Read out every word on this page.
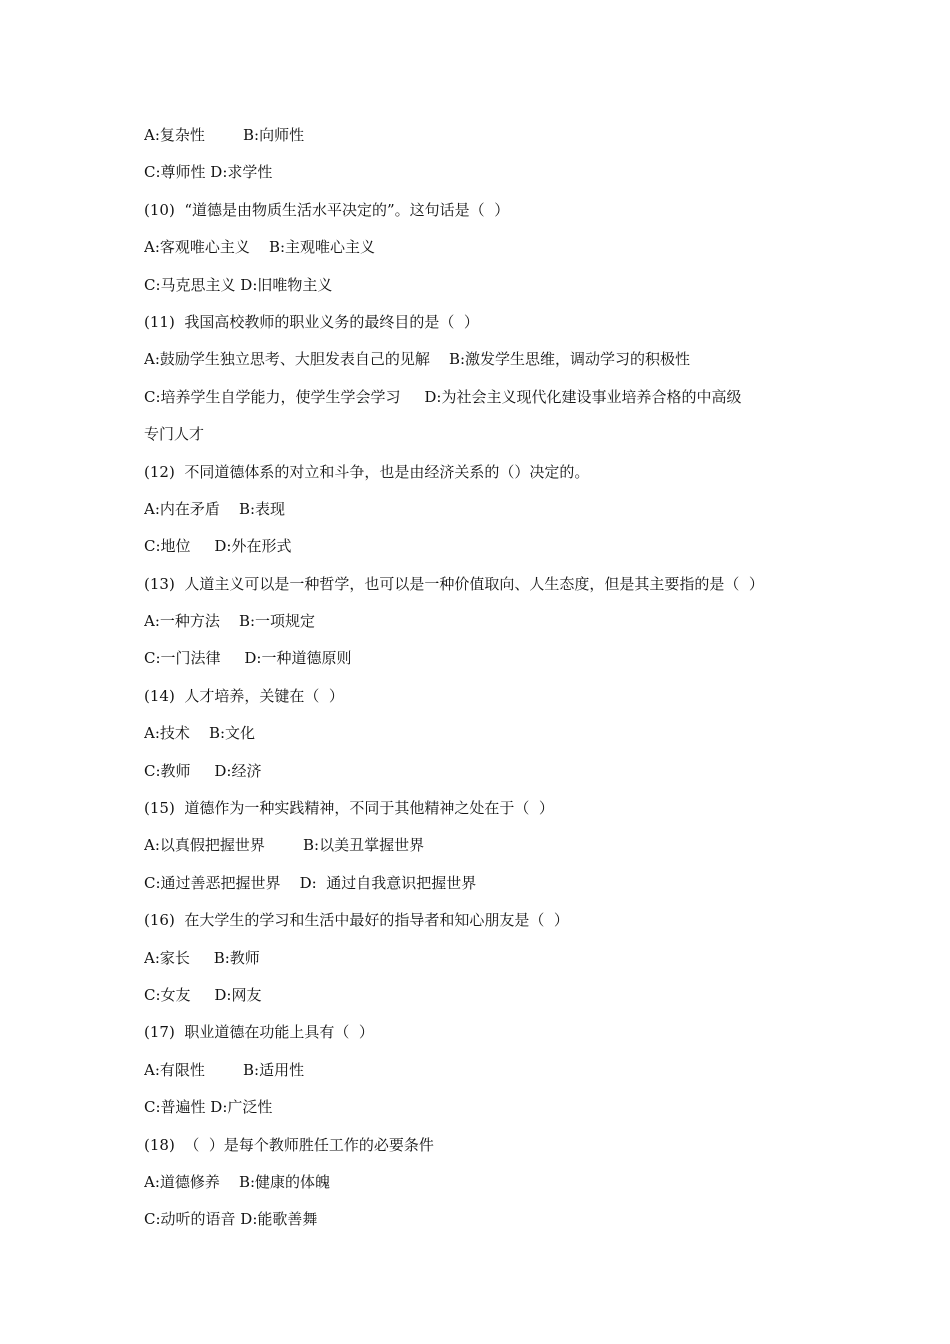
A:复杂性        B:向师性
C:尊师性 D:求学性
(10)  “道德是由物质生活水平决定的”。这句话是（  ）
A:客观唯心主义    B:主观唯心主义
C:马克思主义 D:旧唯物主义
(11)  我国高校教师的职业义务的最终目的是（  ）
A:鼓励学生独立思考、大胆发表自己的见解    B:激发学生思维，调动学习的积极性
C:培养学生自学能力，使学生学会学习     D:为社会主义现代化建设事业培养合格的中高级
专门人才
(12)  不同道德体系的对立和斗争，也是由经济关系的（）决定的。
A:内在矛盾    B:表现
C:地位     D:外在形式
(13)  人道主义可以是一种哲学，也可以是一种价值取向、人生态度，但是其主要指的是（  ）
A:一种方法    B:一项规定
C:一门法律     D:一种道德原则
(14)  人才培养，关键在（  ）
A:技术    B:文化
C:教师     D:经济
(15)  道德作为一种实践精神，不同于其他精神之处在于（  ）
A:以真假把握世界        B:以美丑掌握世界
C:通过善恶把握世界    D:  通过自我意识把握世界
(16)  在大学生的学习和生活中最好的指导者和知心朋友是（  ）
A:家长     B:教师
C:女友     D:网友
(17)  职业道德在功能上具有（  ）
A:有限性        B:适用性
C:普遍性 D:广泛性
(18)  （  ）是每个教师胜任工作的必要条件
A:道德修养    B:健康的体魄
C:动听的语音 D:能歌善舞
